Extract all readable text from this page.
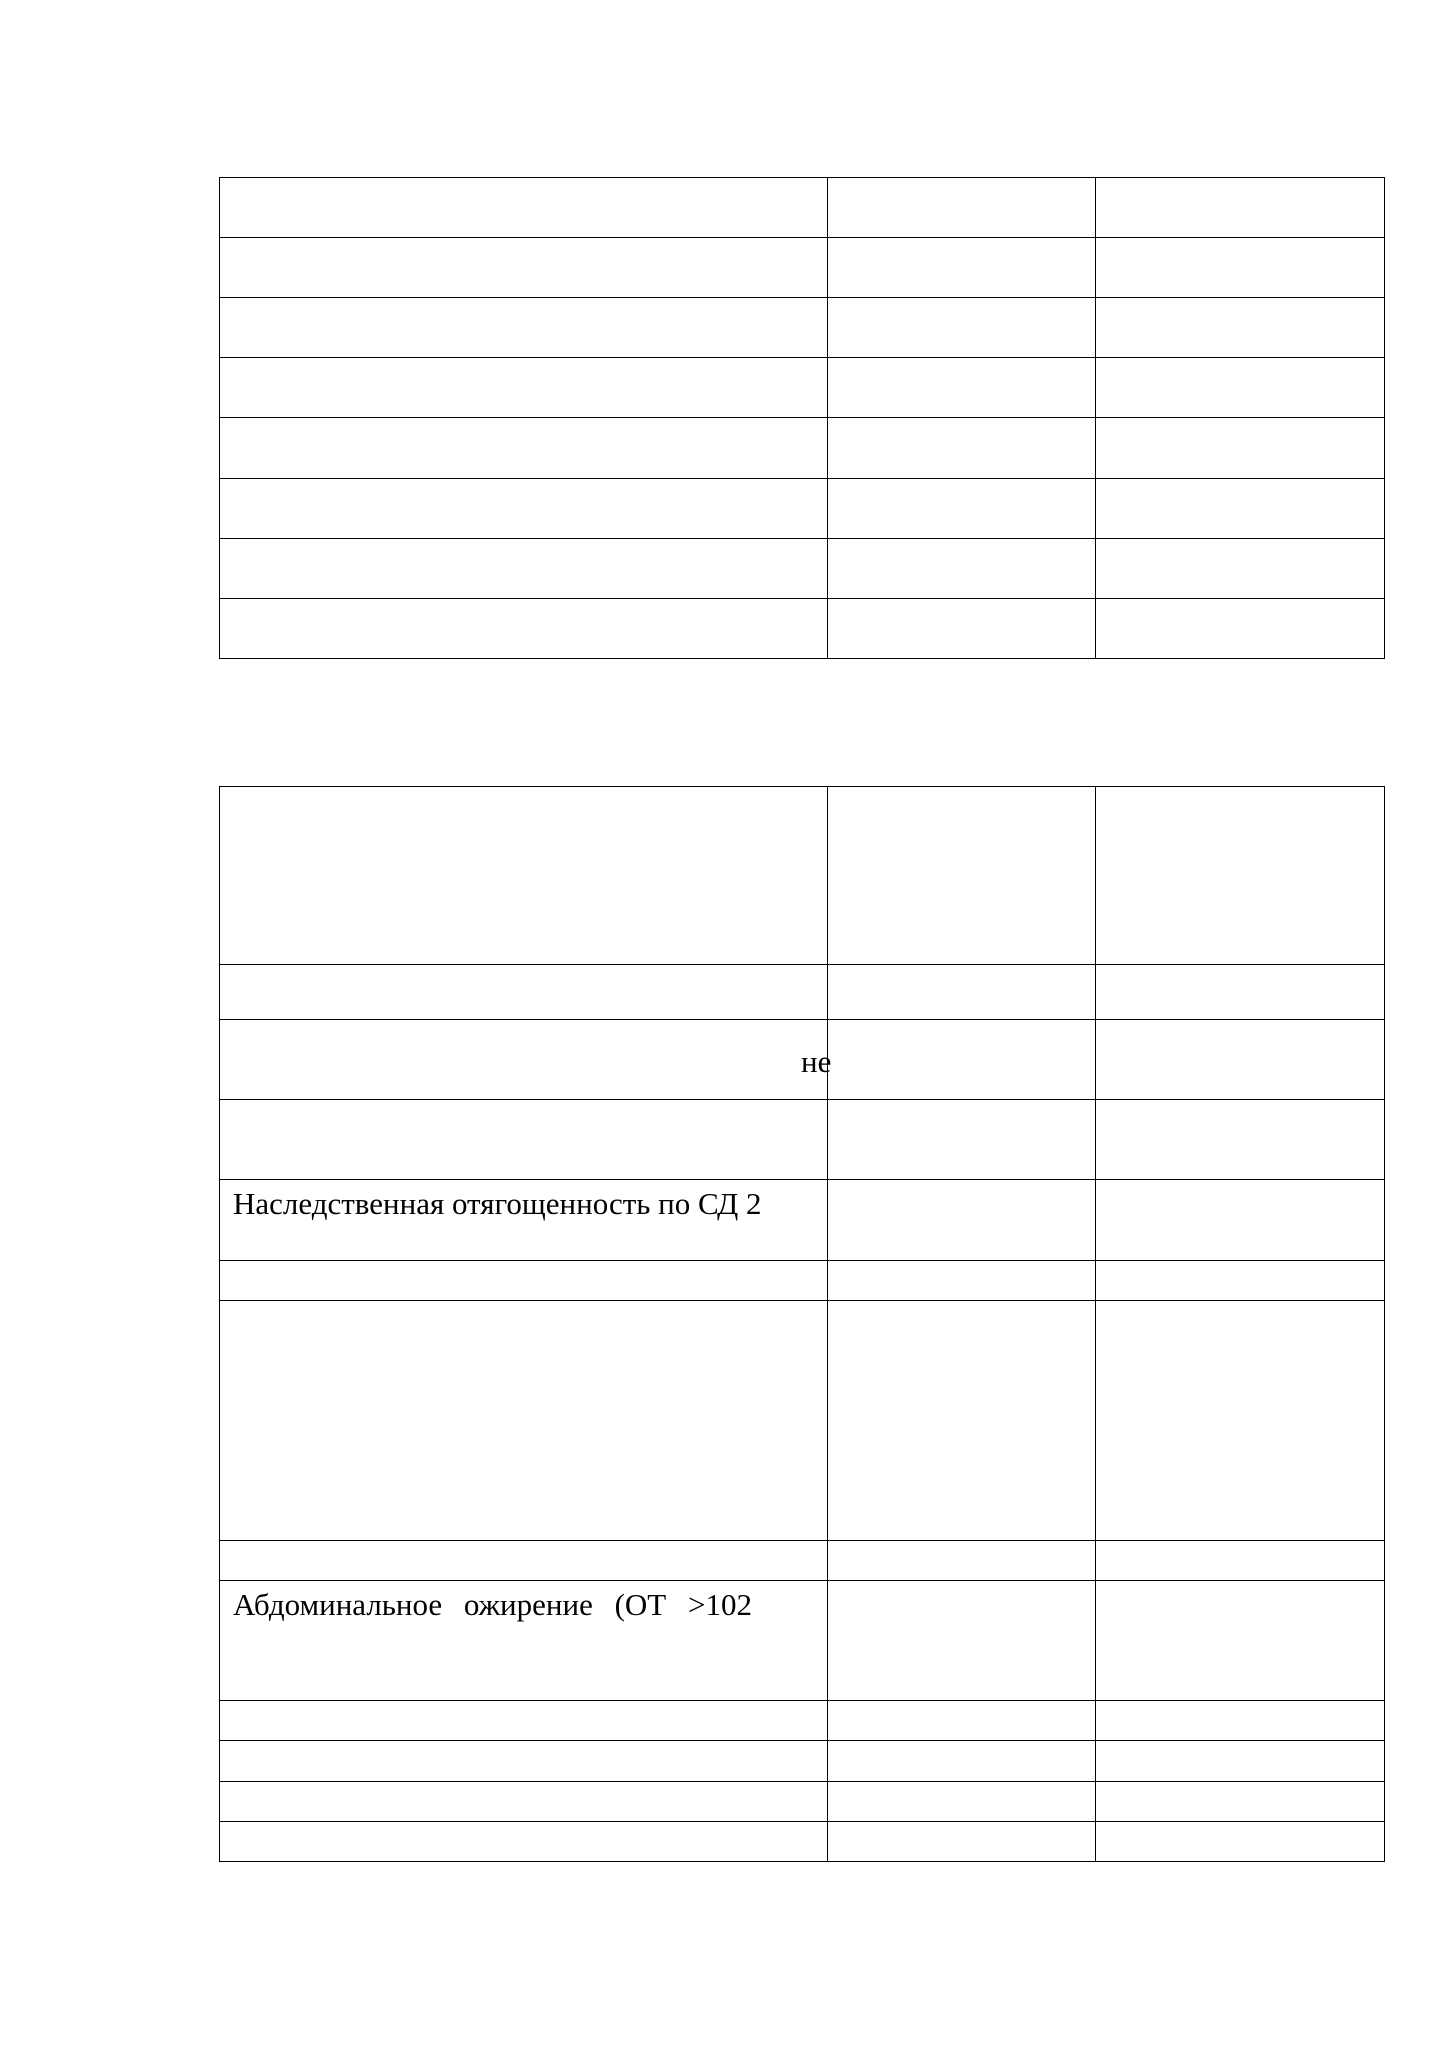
не		

Наследственная отягощенность по СД 2		

Абдоминальное ожирение (ОТ >102		
